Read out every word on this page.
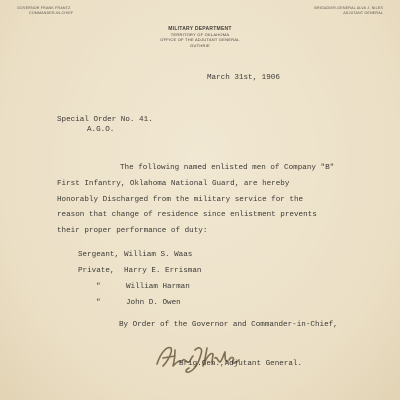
GOVERNOR FRANK FRANTZ
COMMANDER-IN-CHIEF
BRIGADIER-GENERAL ALVA J. NILES
ADJUTANT GENERAL
MILITARY DEPARTMENT
TERRITORY OF OKLAHOMA
OFFICE OF THE ADJUTANT GENERAL
GUTHRIE
March 31st, 1906
Special Order No. 41.
A.G.O.
The following named enlisted men of Company "B"
First Infantry, Oklahoma National Guard, are hereby
Honorably Discharged from the military service for the
reason that change of residence since enlistment prevents
their proper performance of duty:
Sergeant, William S. Waas
Private, Harry E. Errisman
"	William Harman
"	John D. Owen
By Order of the Governor and Commander-in-Chief,
Brig.Gen.,Adjutant General.
